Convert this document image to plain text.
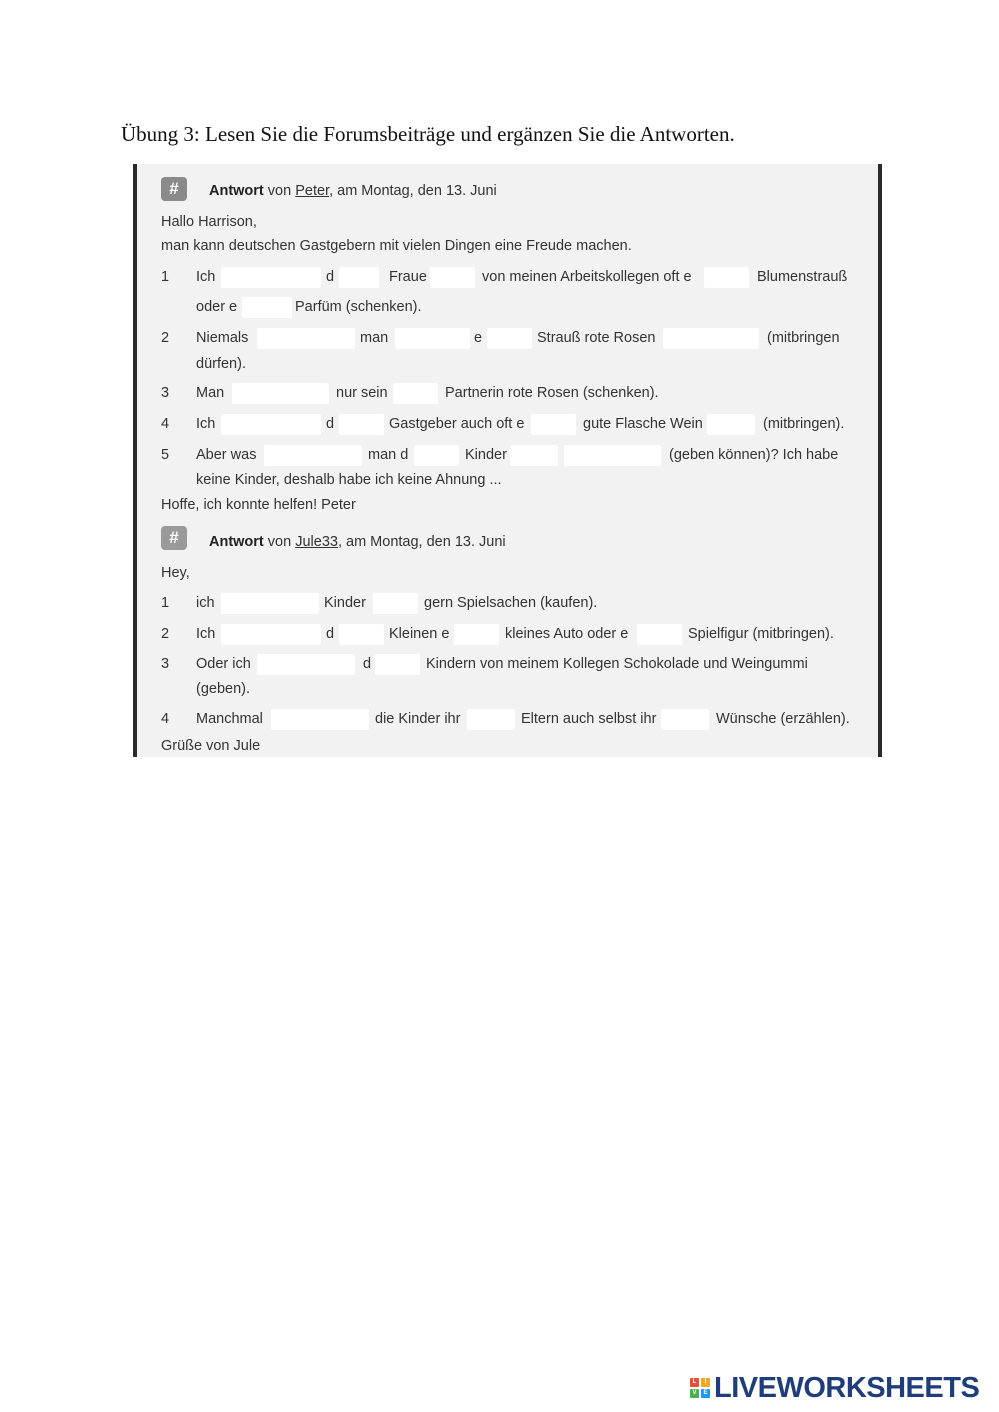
Übung 3: Lesen Sie die Forumsbeiträge und ergänzen Sie die Antworten.
#	Antwort von Peter, am Montag, den 13. Juni
Hallo Harrison,
man kann deutschen Gastgebern mit vielen Dingen eine Freude machen.
1 Ich	d	Fraue	von meinen Arbeitskollegen oft e	Blumenstrauß
oder e	Parfüm (schenken).
2 Niemals	man	e	Strauß rote Rosen	(mitbringen
dürfen).
3 Man	nur sein	Partnerin rote Rosen (schenken).
4 Ich	d	Gastgeber auch oft e	gute Flasche Wein	(mitbringen).
5 Aber was	man d	Kinder	(geben können)? Ich habe
keine Kinder, deshalb habe ich keine Ahnung ...
Hoffe, ich konnte helfen! Peter
#	Antwort von Jule33, am Montag, den 13. Juni
Hey,
1 ich	Kinder	gern Spielsachen (kaufen).
2 Ich	d	Kleinen e	kleines Auto oder e	Spielfigur (mitbringen).
3 Oder ich	d	Kindern von meinem Kollegen Schokolade und Weingummi
(geben).
4 Manchmal	die Kinder ihr	Eltern auch selbst ihr	Wünsche (erzählen).
Grüße von Jule
L	I
V	E LIVEWORKSHEETS
